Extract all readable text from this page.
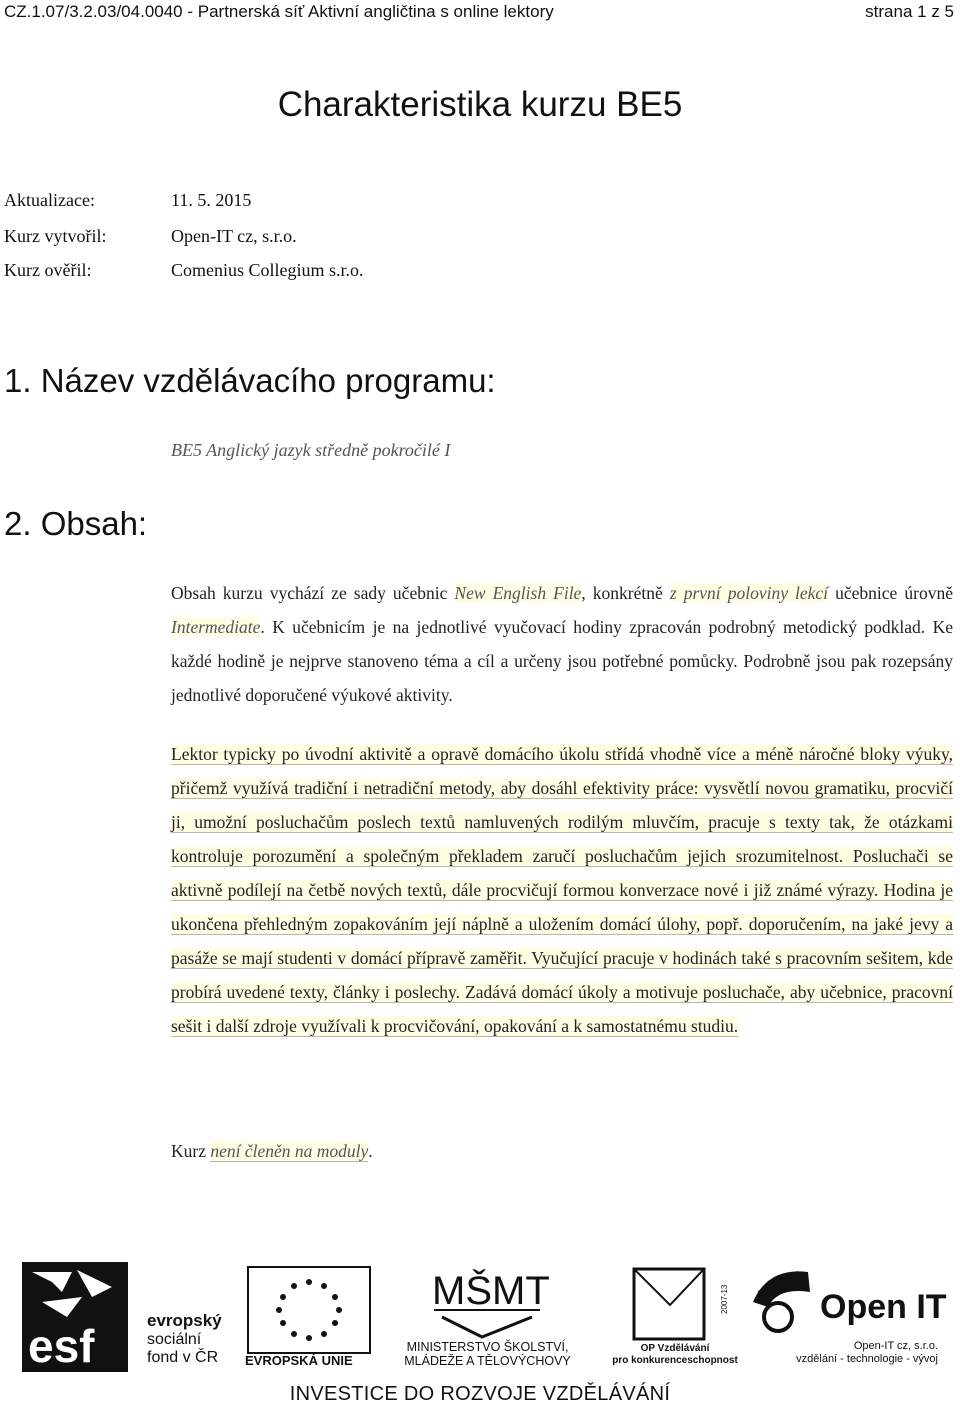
CZ.1.07/3.2.03/04.0040 - Partnerská síť Aktivní angličtina s online lektory	strana 1 z 5
Charakteristika kurzu BE5
Aktualizace:	11. 5. 2015
Kurz vytvořil:	Open-IT cz, s.r.o.
Kurz ověřil:	Comenius Collegium s.r.o.
1. Název vzdělávacího programu:
BE5 Anglický jazyk středně pokročilé I
2. Obsah:
Obsah kurzu vychází ze sady učebnic New English File, konkrétně z první poloviny lekcí učebnice úrovně Intermediate. K učebnicím je na jednotlivé vyučovací hodiny zpracován podrobný metodický podklad. Ke každé hodině je nejprve stanoveno téma a cíl a určeny jsou potřebné pomůcky. Podrobně jsou pak rozepsány jednotlivé doporučené výukové aktivity.
Lektor typicky po úvodní aktivitě a opravě domácího úkolu střídá vhodně více a méně náročné bloky výuky, přičemž využívá tradiční i netradiční metody, aby dosáhl efektivity práce: vysvětlí novou gramatiku, procvičí ji, umožní posluchačům poslech textů namluvených rodilým mluvčím, pracuje s texty tak, že otázkami kontroluje porozumění a společným překladem zaručí posluchačům jejich srozumitelnost. Posluchači se aktivně podílejí na četbě nových textů, dále procvičují formou konverzace nové i již známé výrazy. Hodina je ukončena přehledným zopakováním její náplně a uložením domácí úlohy, popř. doporučením, na jaké jevy a pasáže se mají studenti v domácí přípravě zaměřit. Vyučující pracuje v hodinách také s pracovním sešitem, kde probírá uvedené texty, články i poslechy. Zadává domácí úkoly a motivuje posluchače, aby učebnice, pracovní sešit i další zdroje využívali k procvičování, opakování a k samostatnému studiu.
Kurz není členěn na moduly.
esf	evropský
sociální
fond v ČR EVROPSKÁ UNIE
MŠMT
MINISTERSTVO ŠKOLSTVÍ,
MLÁDEŽE A TĚLOVÝCHOVY
2007-13
OP Vzdělávání
pro konkurenceschopnost
Open IT
Open-IT cz, s.r.o.
vzdělání - technologie - vývoj
INVESTICE DO ROZVOJE VZDĚLÁVÁNÍ
